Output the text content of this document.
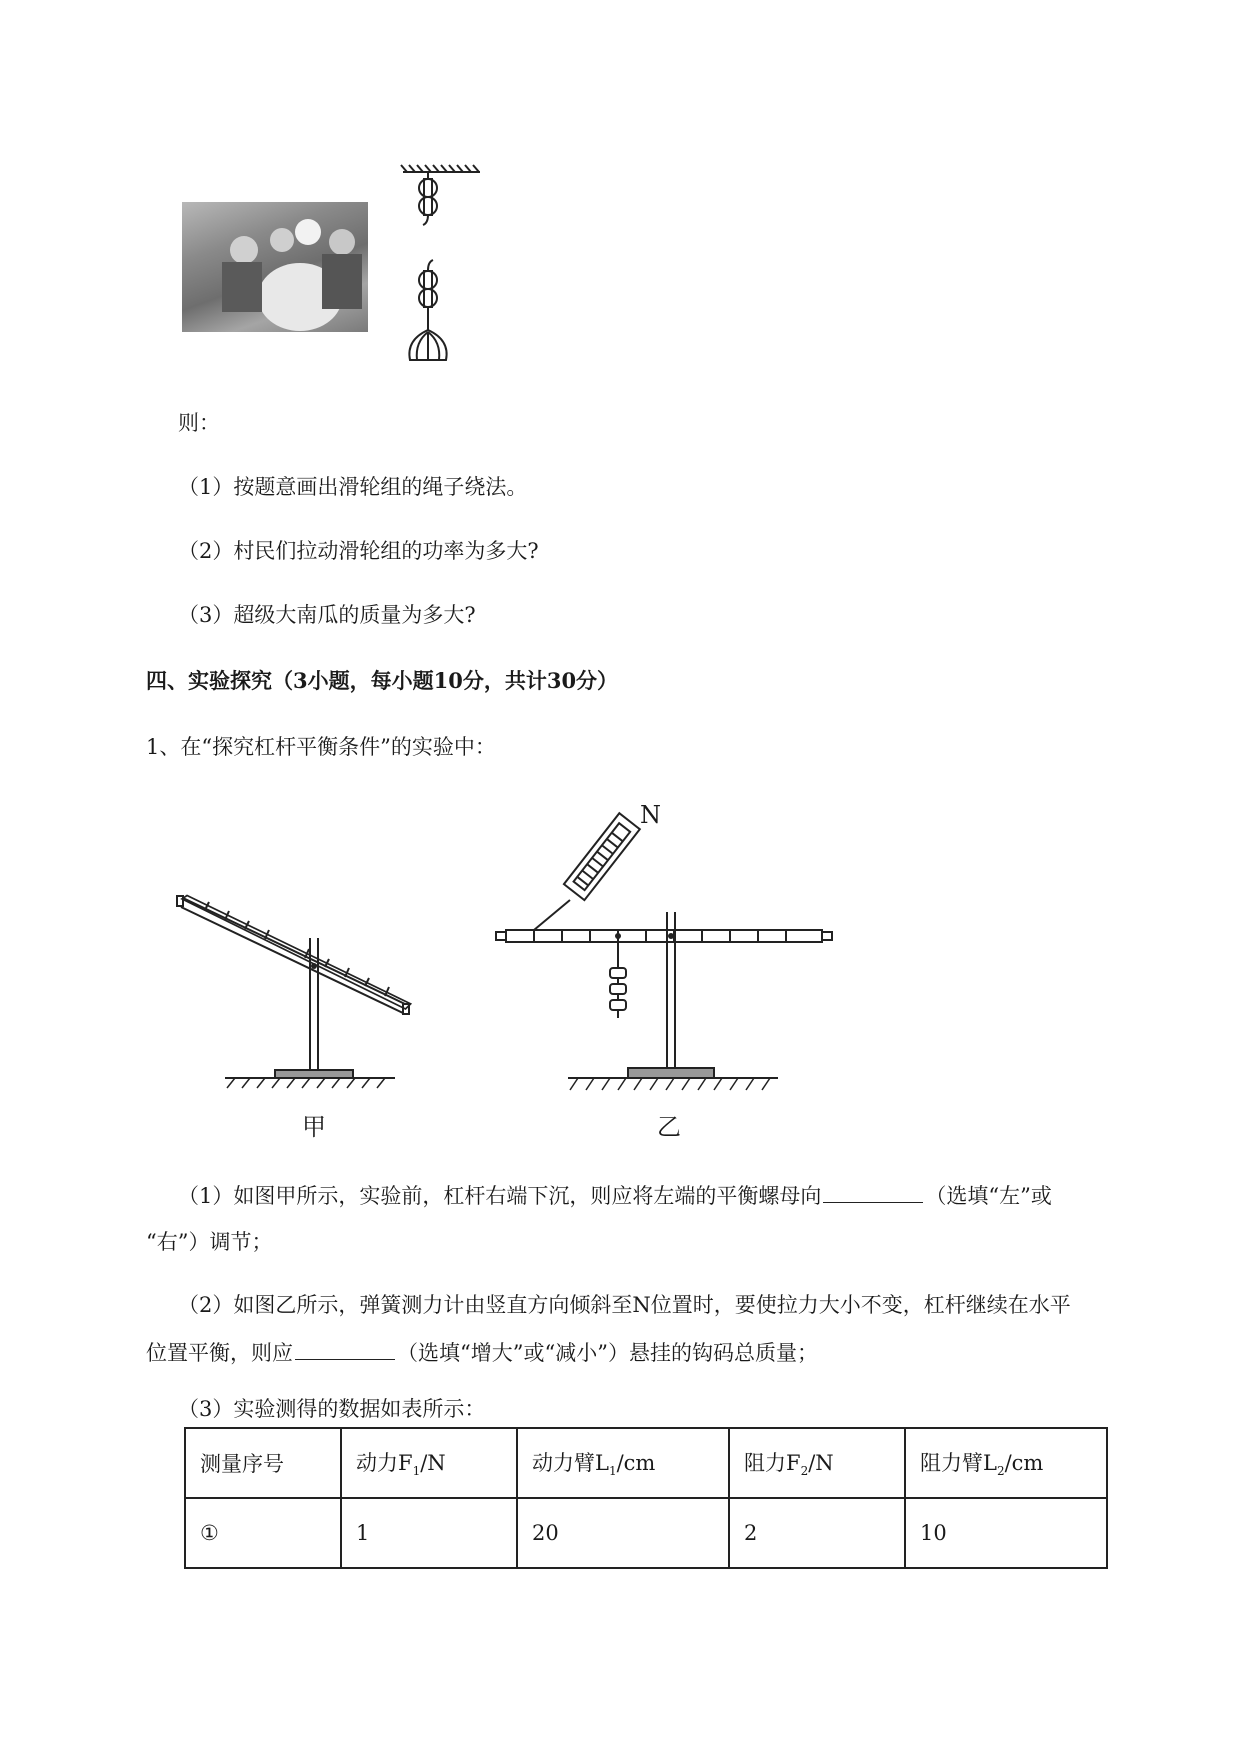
则：
（1）按题意画出滑轮组的绳子绕法。
（2）村民们拉动滑轮组的功率为多大?
（3）超级大南瓜的质量为多大?
四、实验探究（3小题，每小题10分，共计30分）
1、在“探究杠杆平衡条件”的实验中：
甲
N
乙
（1）如图甲所示，实验前，杠杆右端下沉，则应将左端的平衡螺母向	（选填“左”或
“右”）调节；
（2）如图乙所示，弹簧测力计由竖直方向倾斜至N位置时，要使拉力大小不变，杠杆继续在水平
位置平衡，则应	（选填“增大”或“减小”）悬挂的钩码总质量；
（3）实验测得的数据如表所示：
测量序号	动力$F_1/N$	动力臂$L_1/cm$	阻力$F_2/N$	阻力臂$L_2/cm$
①	1	20	2	10
